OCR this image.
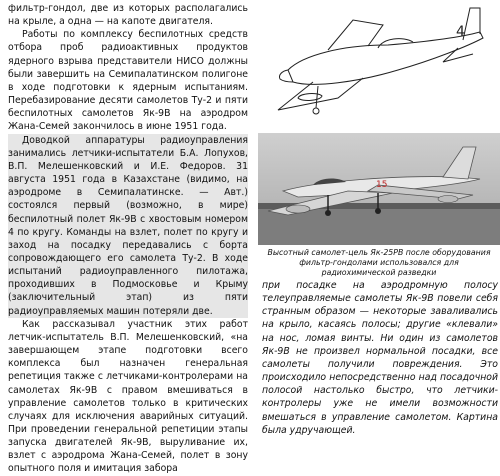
фильтр-гондол, две из которых располагались на крыле, а одна — на капоте двигателя.

Работы по комплексу беспилотных средств отбора проб радиоактивных продуктов ядерного взрыва представители НИСО должны были завершить на Семипалатинском полигоне в ходе подготовки к ядерным испытаниям. Перебазирование десяти самолетов Ту-2 и пяти беспилотных самолетов Як-9В на аэродром Жана-Семей закончилось в июне 1951 года.

Доводкой аппаратуры радиоуправления занимались летчики-испытатели Б.А. Лопухов, В.П. Мелешенковский и И.Е. Федоров. 31 августа 1951 года в Казахстане (видимо, на аэродроме в Семипалатинске. — Авт.) состоялся первый (возможно, в мире) беспилотный полет Як-9В с хвостовым номером 4 по кругу. Команды на взлет, полет по кругу и заход на посадку передавались с борта сопровождающего его самолета Ту-2. В ходе испытаний радиоуправленного пилотажа, проходивших в Подмосковье и Крыму (заключительный этап) из пяти радиоуправляемых машин потеряли две.

Как рассказывал участник этих работ летчик-испытатель В.П. Мелешенковский, «на завершающем этапе подготовки всего комплекса был назначен генеральная репетиция также с летчиками-контролерами на самолетах Як-9В с правом вмешиваться в управление самолетов только в критических случаях для исключения аварийных ситуаций. При проведении генеральной репетиции этапы запуска двигателей Як-9В, выруливание их, взлет с аэродрома Жана-Семей, полет в зону опытного поля и имитация забора

4
15
Высотный самолет-цель Як-25РВ после оборудования фильтр-гондолами использовался для радиохимической разведки

при посадке на аэродромную полосу телеуправляемые самолеты Як-9В повели себя странным образом — некоторые заваливались на крыло, касаясь полосы; другие «клевали» на нос, ломая винты. Ни один из самолетов Як-9В не произвел нормальной посадки, все самолеты получили повреждения. Это происходило непосредственно над посадочной полосой настолько быстро, что летчики-контролеры уже не имели возможности вмешаться в управление самолетом. Картина была удручающей.
